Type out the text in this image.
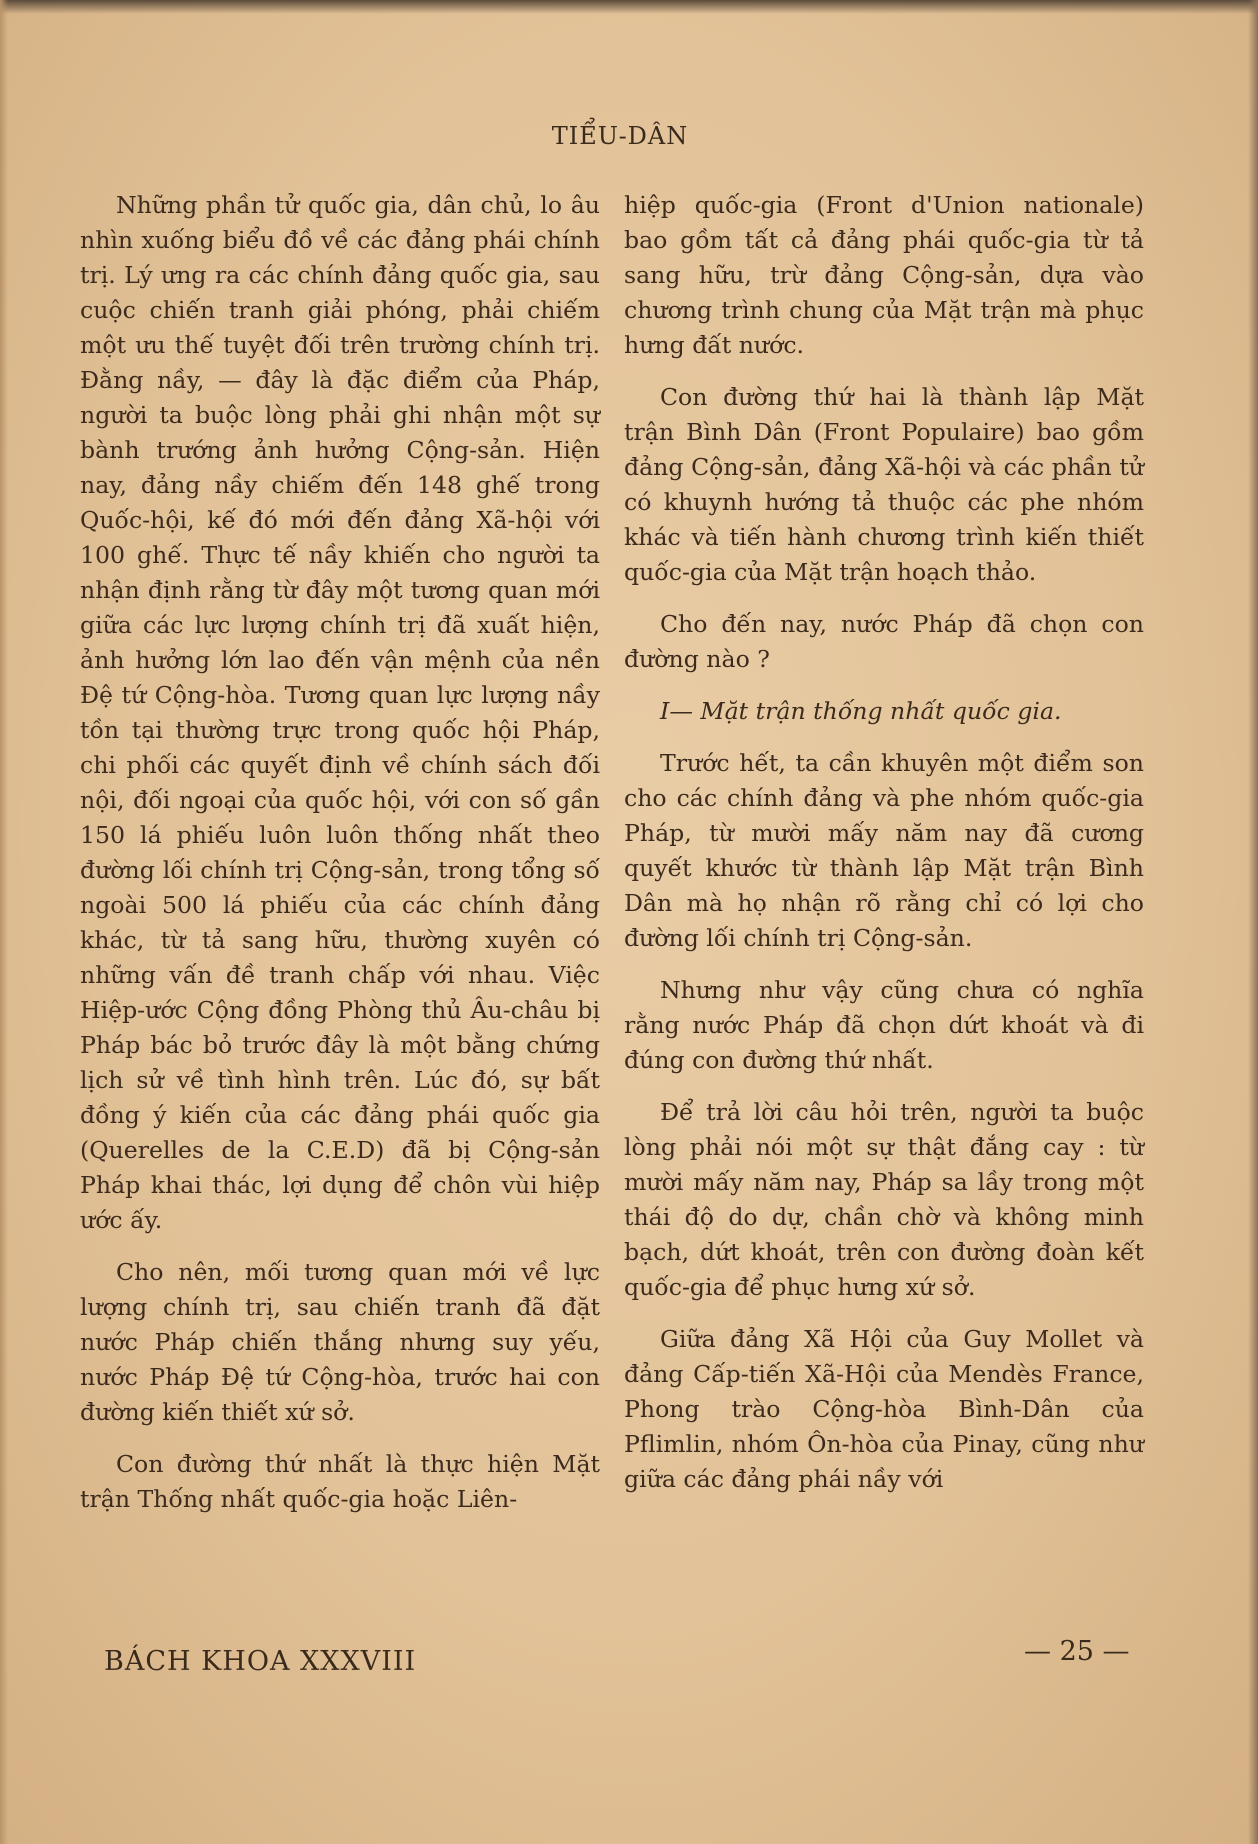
TIỂU-DÂN

Những phần tử quốc gia, dân chủ, lo âu nhìn xuống biểu đồ về các đảng phái chính trị. Lý ưng ra các chính đảng quốc gia, sau cuộc chiến tranh giải phóng, phải chiếm một ưu thế tuyệt đối trên trường chính trị. Đằng nầy, — đây là đặc điểm của Pháp, người ta buộc lòng phải ghi nhận một sự bành trướng ảnh hưởng Cộng-sản. Hiện nay, đảng nầy chiếm đến 148 ghế trong Quốc-hội, kế đó mới đến đảng Xã-hội với 100 ghế. Thực tế nầy khiến cho người ta nhận định rằng từ đây một tương quan mới giữa các lực lượng chính trị đã xuất hiện, ảnh hưởng lớn lao đến vận mệnh của nền Đệ tứ Cộng-hòa. Tương quan lực lượng nầy tồn tại thường trực trong quốc hội Pháp, chi phối các quyết định về chính sách đối nội, đối ngoại của quốc hội, với con số gần 150 lá phiếu luôn luôn thống nhất theo đường lối chính trị Cộng-sản, trong tổng số ngoài 500 lá phiếu của các chính đảng khác, từ tả sang hữu, thường xuyên có những vấn đề tranh chấp với nhau. Việc Hiệp-ước Cộng đồng Phòng thủ Âu-châu bị Pháp bác bỏ trước đây là một bằng chứng lịch sử về tình hình trên. Lúc đó, sự bất đồng ý kiến của các đảng phái quốc gia (Querelles de la C.E.D) đã bị Cộng-sản Pháp khai thác, lợi dụng để chôn vùi hiệp ước ấy.

Cho nên, mối tương quan mới về lực lượng chính trị, sau chiến tranh đã đặt nước Pháp chiến thắng nhưng suy yếu, nước Pháp Đệ tứ Cộng-hòa, trước hai con đường kiến thiết xứ sở.

Con đường thứ nhất là thực hiện Mặt trận Thống nhất quốc-gia hoặc Liên-

hiệp quốc-gia (Front d'Union nationale) bao gồm tất cả đảng phái quốc-gia từ tả sang hữu, trừ đảng Cộng-sản, dựa vào chương trình chung của Mặt trận mà phục hưng đất nước.

Con đường thứ hai là thành lập Mặt trận Bình Dân (Front Populaire) bao gồm đảng Cộng-sản, đảng Xã-hội và các phần tử có khuynh hướng tả thuộc các phe nhóm khác và tiến hành chương trình kiến thiết quốc-gia của Mặt trận hoạch thảo.

Cho đến nay, nước Pháp đã chọn con đường nào ?

I— Mặt trận thống nhất quốc gia.

Trước hết, ta cần khuyên một điểm son cho các chính đảng và phe nhóm quốc-gia Pháp, từ mười mấy năm nay đã cương quyết khước từ thành lập Mặt trận Bình Dân mà họ nhận rõ rằng chỉ có lợi cho đường lối chính trị Cộng-sản.

Nhưng như vậy cũng chưa có nghĩa rằng nước Pháp đã chọn dứt khoát và đi đúng con đường thứ nhất.

Để trả lời câu hỏi trên, người ta buộc lòng phải nói một sự thật đắng cay : từ mười mấy năm nay, Pháp sa lầy trong một thái độ do dự, chần chờ và không minh bạch, dứt khoát, trên con đường đoàn kết quốc-gia để phục hưng xứ sở.

Giữa đảng Xã Hội của Guy Mollet và đảng Cấp-tiến Xã-Hội của Mendès France, Phong trào Cộng-hòa Bình-Dân của Pflimlin, nhóm Ôn-hòa của Pinay, cũng như giữa các đảng phái nầy với

BÁCH KHOA XXXVIII	— 25 —
